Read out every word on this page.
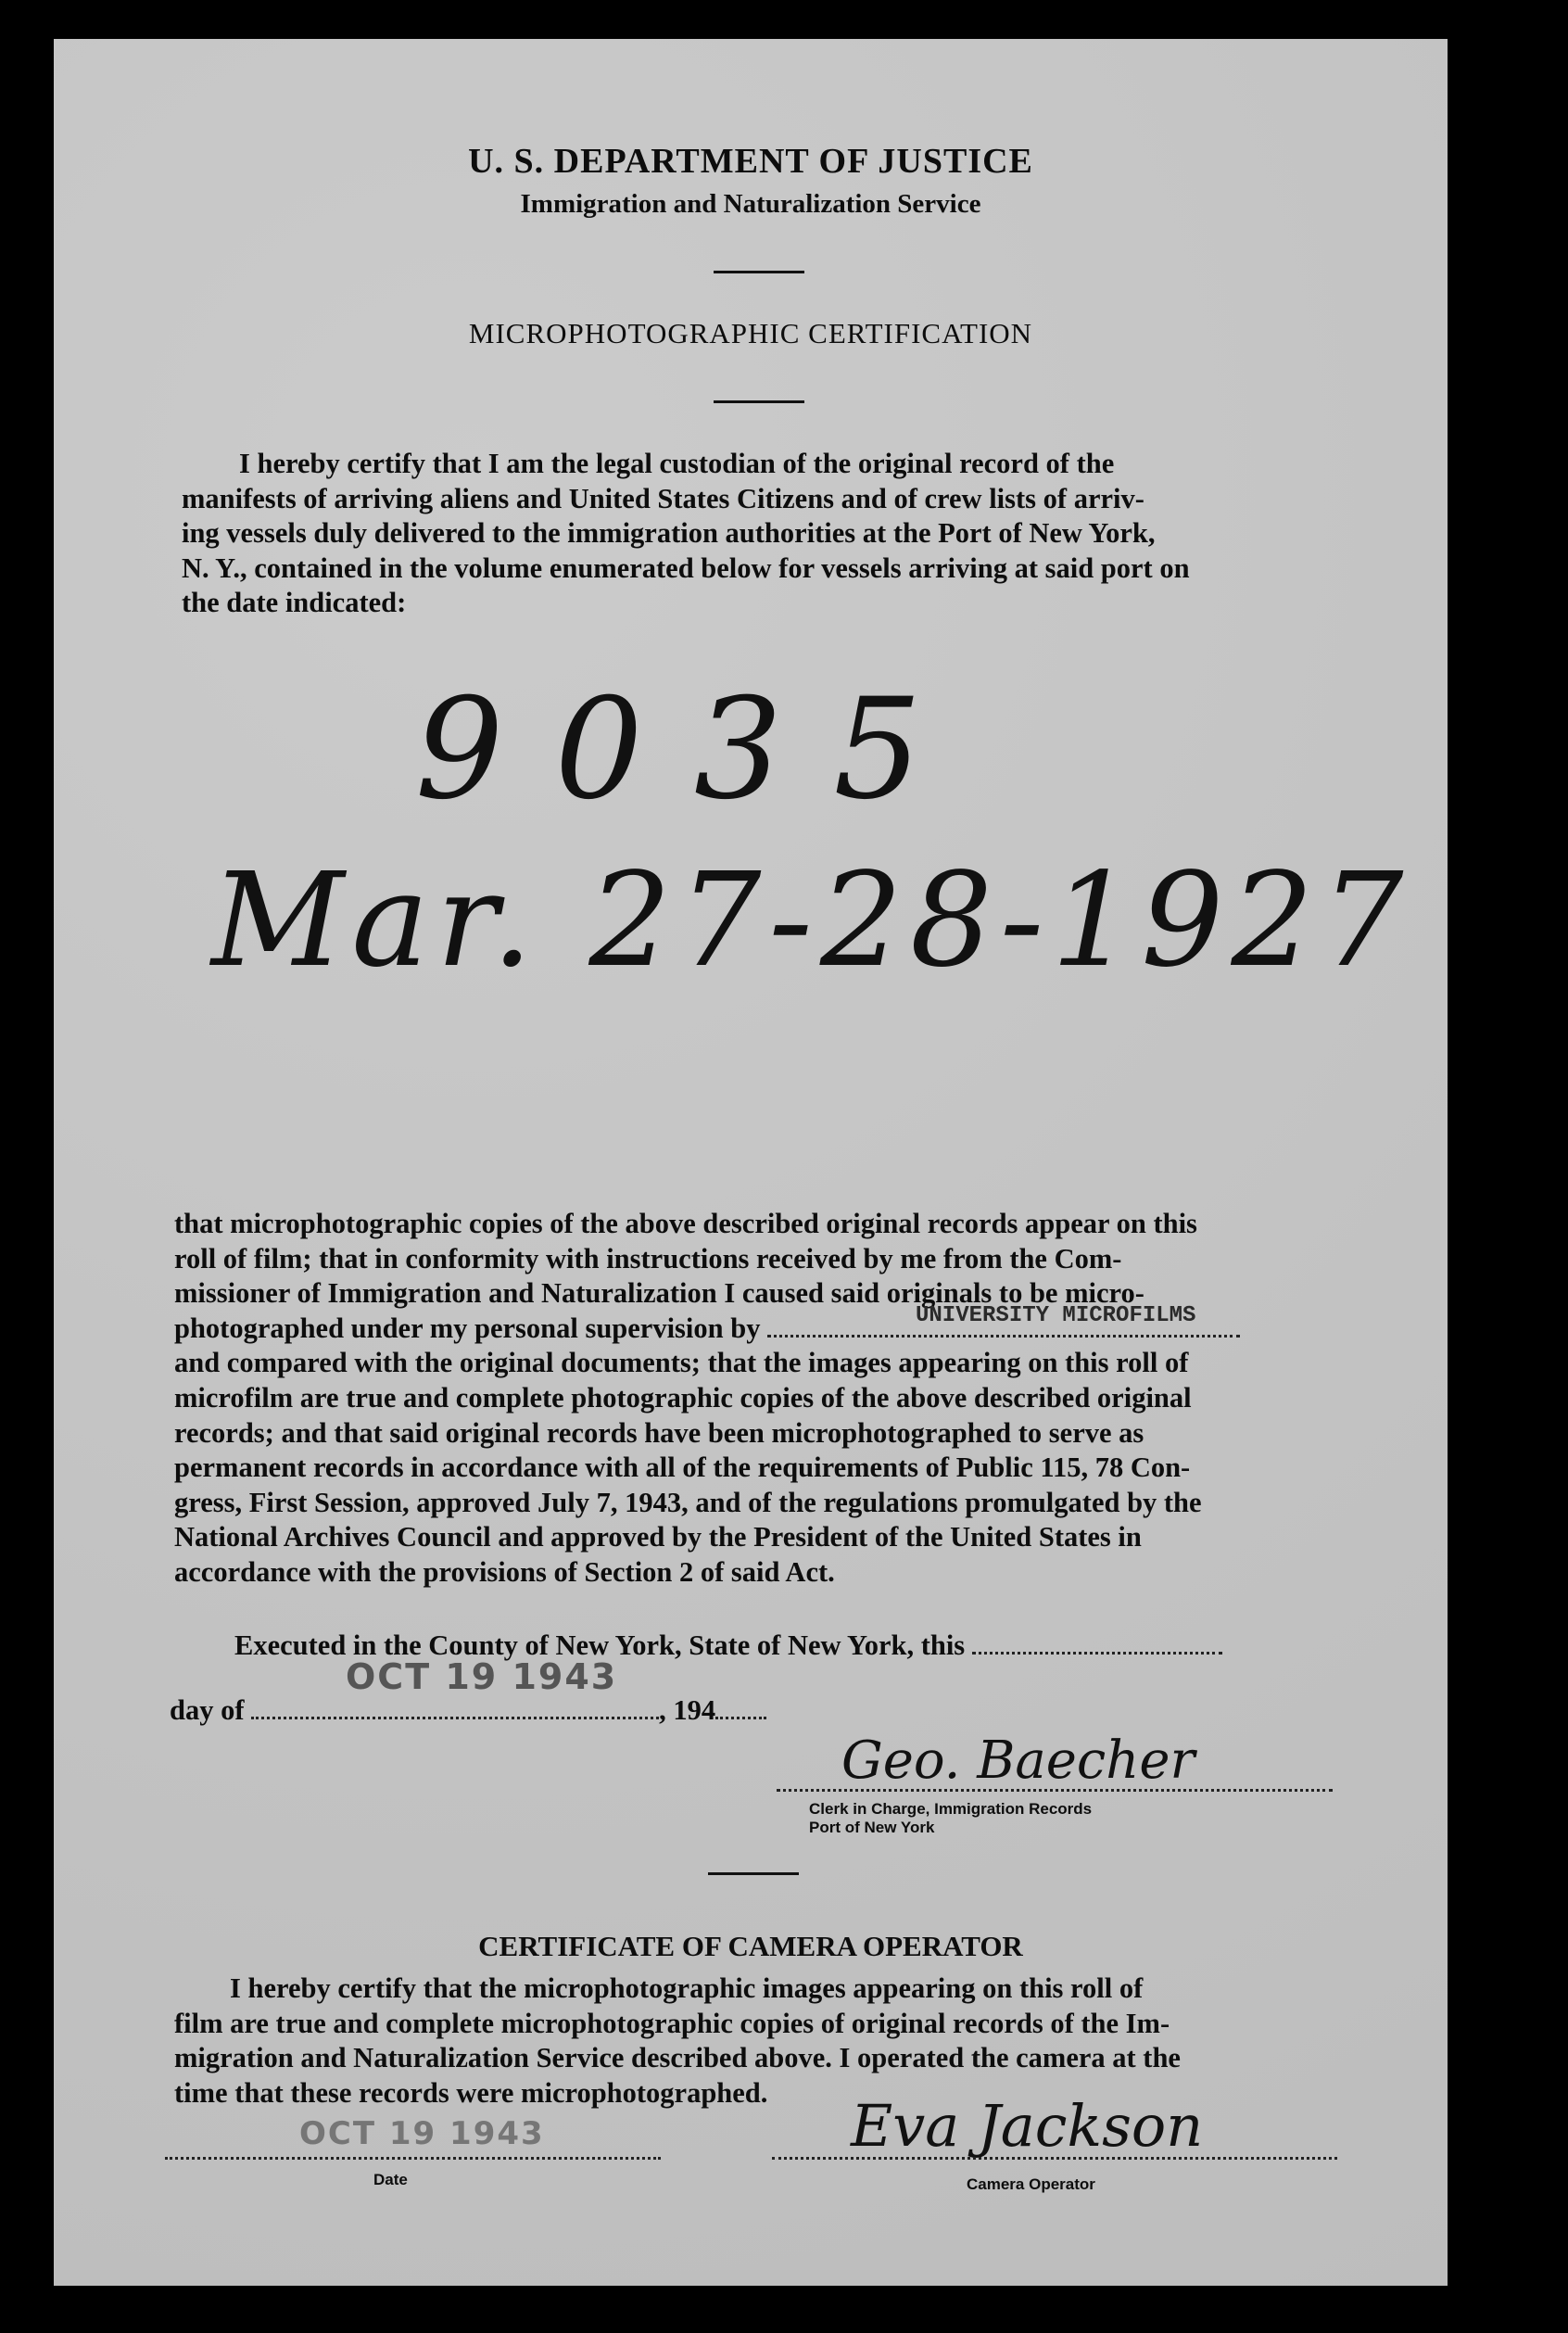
U. S. DEPARTMENT OF JUSTICE
Immigration and Naturalization Service
MICROPHOTOGRAPHIC CERTIFICATION

I hereby certify that I am the legal custodian of the original record of the

manifests of arriving aliens and United States Citizens and of crew lists of arriv-

ing vessels duly delivered to the immigration authorities at the Port of New York,

N. Y., contained in the volume enumerated below for vessels arriving at said port on

the date indicated:

9035
Mar. 27-28-1927

that microphotographic copies of the above described original records appear on this

roll of film; that in conformity with instructions received by me from the Com-

missioner of Immigration and Naturalization I caused said originals to be micro-

photographed under my personal supervision by	UNIVERSITY MICROFILMS

and compared with the original documents; that the images appearing on this roll of

microfilm are true and complete photographic copies of the above described original

records; and that said original records have been microphotographed to serve as

permanent records in accordance with all of the requirements of Public 115, 78 Con-

gress, First Session, approved July 7, 1943, and of the regulations promulgated by the

National Archives Council and approved by the President of the United States in

accordance with the provisions of Section 2 of said Act.

Executed in the County of New York, State of New York, this
day of	, 194
OCT 19 1943
Geo. Baecher
Clerk in Charge, Immigration Records
Port of New York
CERTIFICATE OF CAMERA OPERATOR

I hereby certify that the microphotographic images appearing on this roll of

film are true and complete microphotographic copies of original records of the Im-

migration and Naturalization Service described above. I operated the camera at the

time that these records were microphotographed.

OCT 19 1943
Date
Eva Jackson
Camera Operator
